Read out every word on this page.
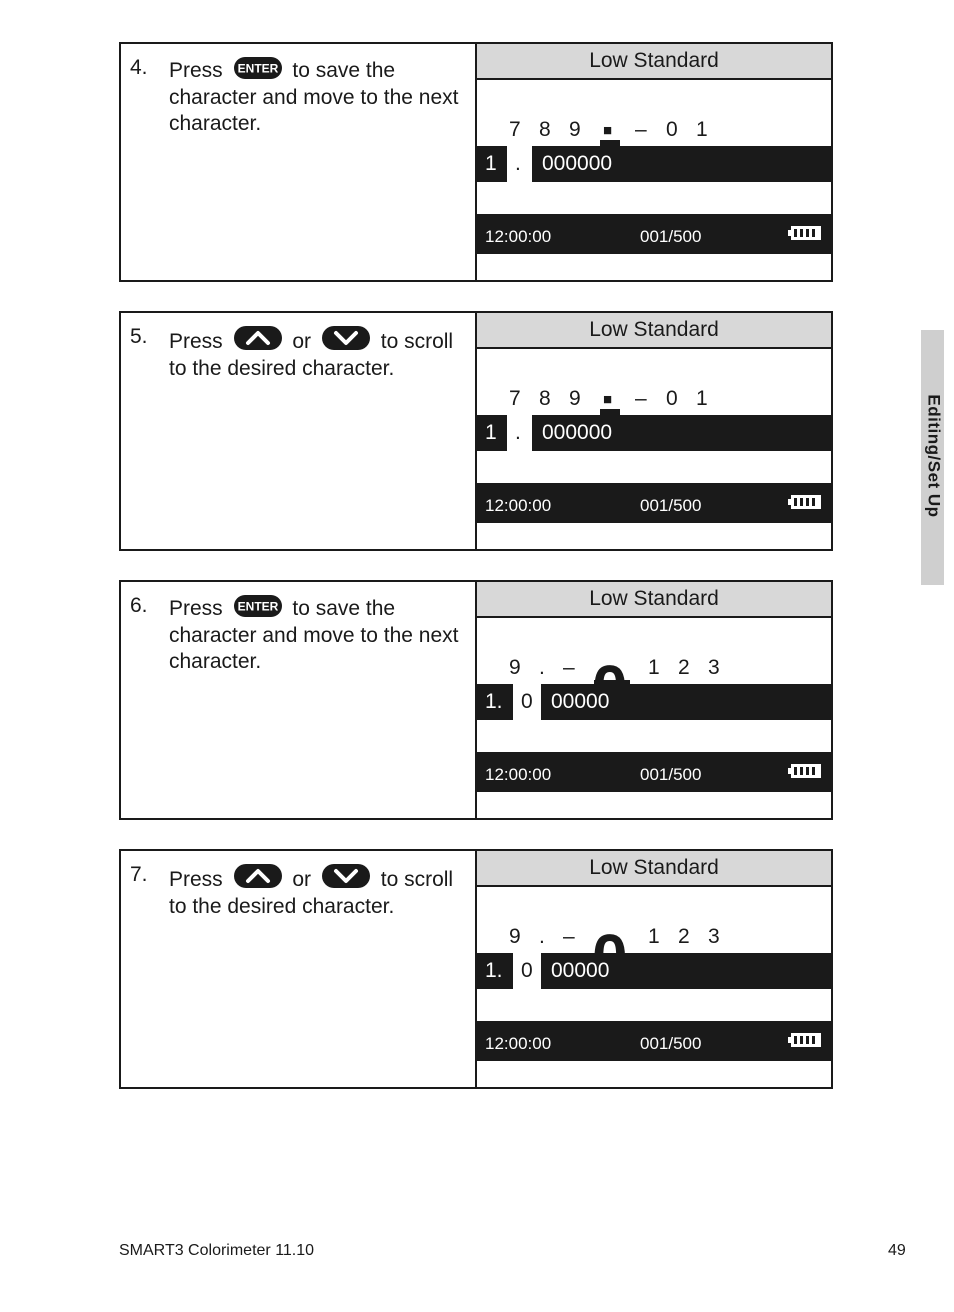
4. Press ENTER to save the character and move to the next character.
Low Standard
7 8 9 ■ – 0 1
1 .	000000
12:00:00	001/500
5. Press	or	to scroll to the desired character.
Low Standard
7 8 9 ■ – 0 1
1 .	000000
12:00:00	001/500
6. Press ENTER to save the character and move to the next character.
Low Standard
9 . –	1 2 3
1. 0 00000
12:00:00	001/500
7. Press	or	to scroll to the desired character.
Low Standard
9 . –	1 2 3
1. 0 00000
12:00:00	001/500
Editing/Set Up
SMART3 Colorimeter 11.10	49
